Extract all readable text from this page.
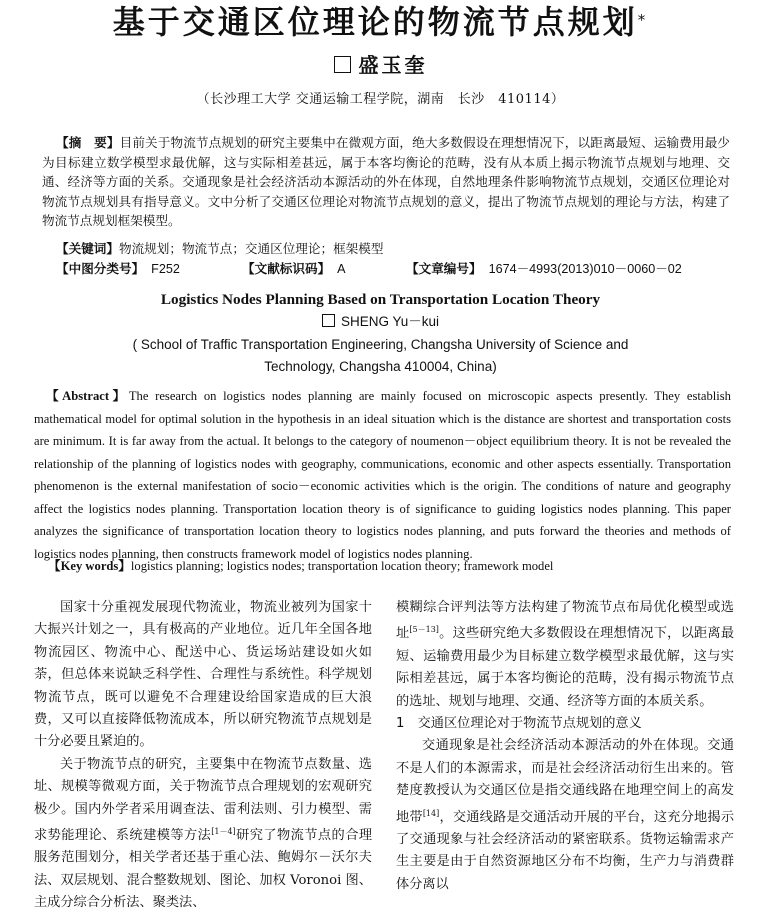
基于交通区位理论的物流节点规划*
盛玉奎
（长沙理工大学 交通运输工程学院，湖南　长沙　410114）
【摘　要】目前关于物流节点规划的研究主要集中在微观方面，绝大多数假设在理想情况下，以距离最短、运输费用最少为目标建立数学模型求最优解，这与实际相差甚远，属于本客均衡论的范畴，没有从本质上揭示物流节点规划与地理、交通、经济等方面的关系。交通现象是社会经济活动本源活动的外在体现，自然地理条件影响物流节点规划，交通区位理论对物流节点规划具有指导意义。文中分析了交通区位理论对物流节点规划的意义，提出了物流节点规划的理论与方法，构建了物流节点规划框架模型。
【关键词】物流规划；物流节点；交通区位理论；框架模型
【中图分类号】 F252	【文献标识码】 A	【文章编号】 1674－4993(2013)010－0060－02
Logistics Nodes Planning Based on Transportation Location Theory
SHENG Yu－kui
( School of Traffic Transportation Engineering, Changsha University of Science and
Technology, Changsha 410004, China)
【Abstract】The research on logistics nodes planning are mainly focused on microscopic aspects presently. They establish mathematical model for optimal solution in the hypothesis in an ideal situation which is the distance are shortest and transportation costs are minimum. It is far away from the actual. It belongs to the category of noumenon－object equilibrium theory. It is not be revealed the relationship of the planning of logistics nodes with geography, communications, economic and other aspects essentially. Transportation phenomenon is the external manifestation of socio－economic activities which is the origin. The conditions of nature and geography affect the logistics nodes planning. Transportation location theory is of significance to guiding logistics nodes planning. This paper analyzes the significance of transportation location theory to logistics nodes planning, and puts forward the theories and methods of logistics nodes planning, then constructs framework model of logistics nodes planning.
【Key words】logistics planning; logistics nodes; transportation location theory; framework model

国家十分重视发展现代物流业，物流业被列为国家十大振兴计划之一，具有极高的产业地位。近几年全国各地物流园区、物流中心、配送中心、货运场站建设如火如荼，但总体来说缺乏科学性、合理性与系统性。科学规划物流节点，既可以避免不合理建设给国家造成的巨大浪费，又可以直接降低物流成本，所以研究物流节点规划是十分必要且紧迫的。

关于物流节点的研究，主要集中在物流节点数量、选址、规模等微观方面，关于物流节点合理规划的宏观研究极少。国内外学者采用调查法、雷利法则、引力模型、需求势能理论、系统建模等方法[1－4]研究了物流节点的合理服务范围划分，相关学者还基于重心法、鲍姆尔－沃尔夫法、双层规划、混合整数规划、图论、加权 Voronoi 图、主成分综合分析法、聚类法、

模糊综合评判法等方法构建了物流节点布局优化模型或选址[5－13]。这些研究绝大多数假设在理想情况下，以距离最短、运输费用最少为目标建立数学模型求最优解，这与实际相差甚远，属于本客均衡论的范畴，没有揭示物流节点的选址、规划与地理、交通、经济等方面的本质关系。

1　交通区位理论对于物流节点规划的意义

交通现象是社会经济活动本源活动的外在体现。交通不是人们的本源需求，而是社会经济活动衍生出来的。管楚度教授认为交通区位是指交通线路在地理空间上的高发地带[14]，交通线路是交通活动开展的平台，这充分地揭示了交通现象与社会经济活动的紧密联系。货物运输需求产生主要是由于自然资源地区分布不均衡，生产力与消费群体分离以
